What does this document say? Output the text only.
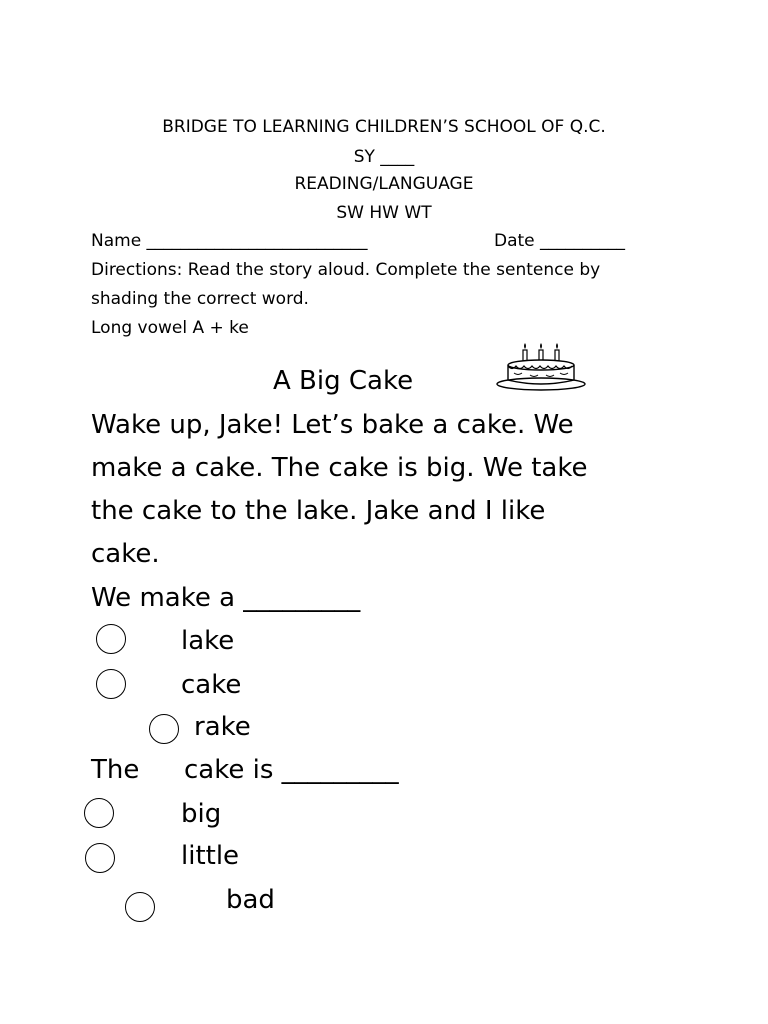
BRIDGE TO LEARNING CHILDREN’S SCHOOL OF Q.C.
SY ____
READING/LANGUAGE
SW HW WT
Name __________________________	Date __________
Directions: Read the story aloud. Complete the sentence by
shading the correct word.
Long vowel A + ke
A Big Cake
Wake up, Jake! Let’s bake a cake. We
make a cake. The cake is big. We take
the cake to the lake. Jake and I like
cake.
We make a _________
lake
cake
rake
The cake is _________
big
little
bad
